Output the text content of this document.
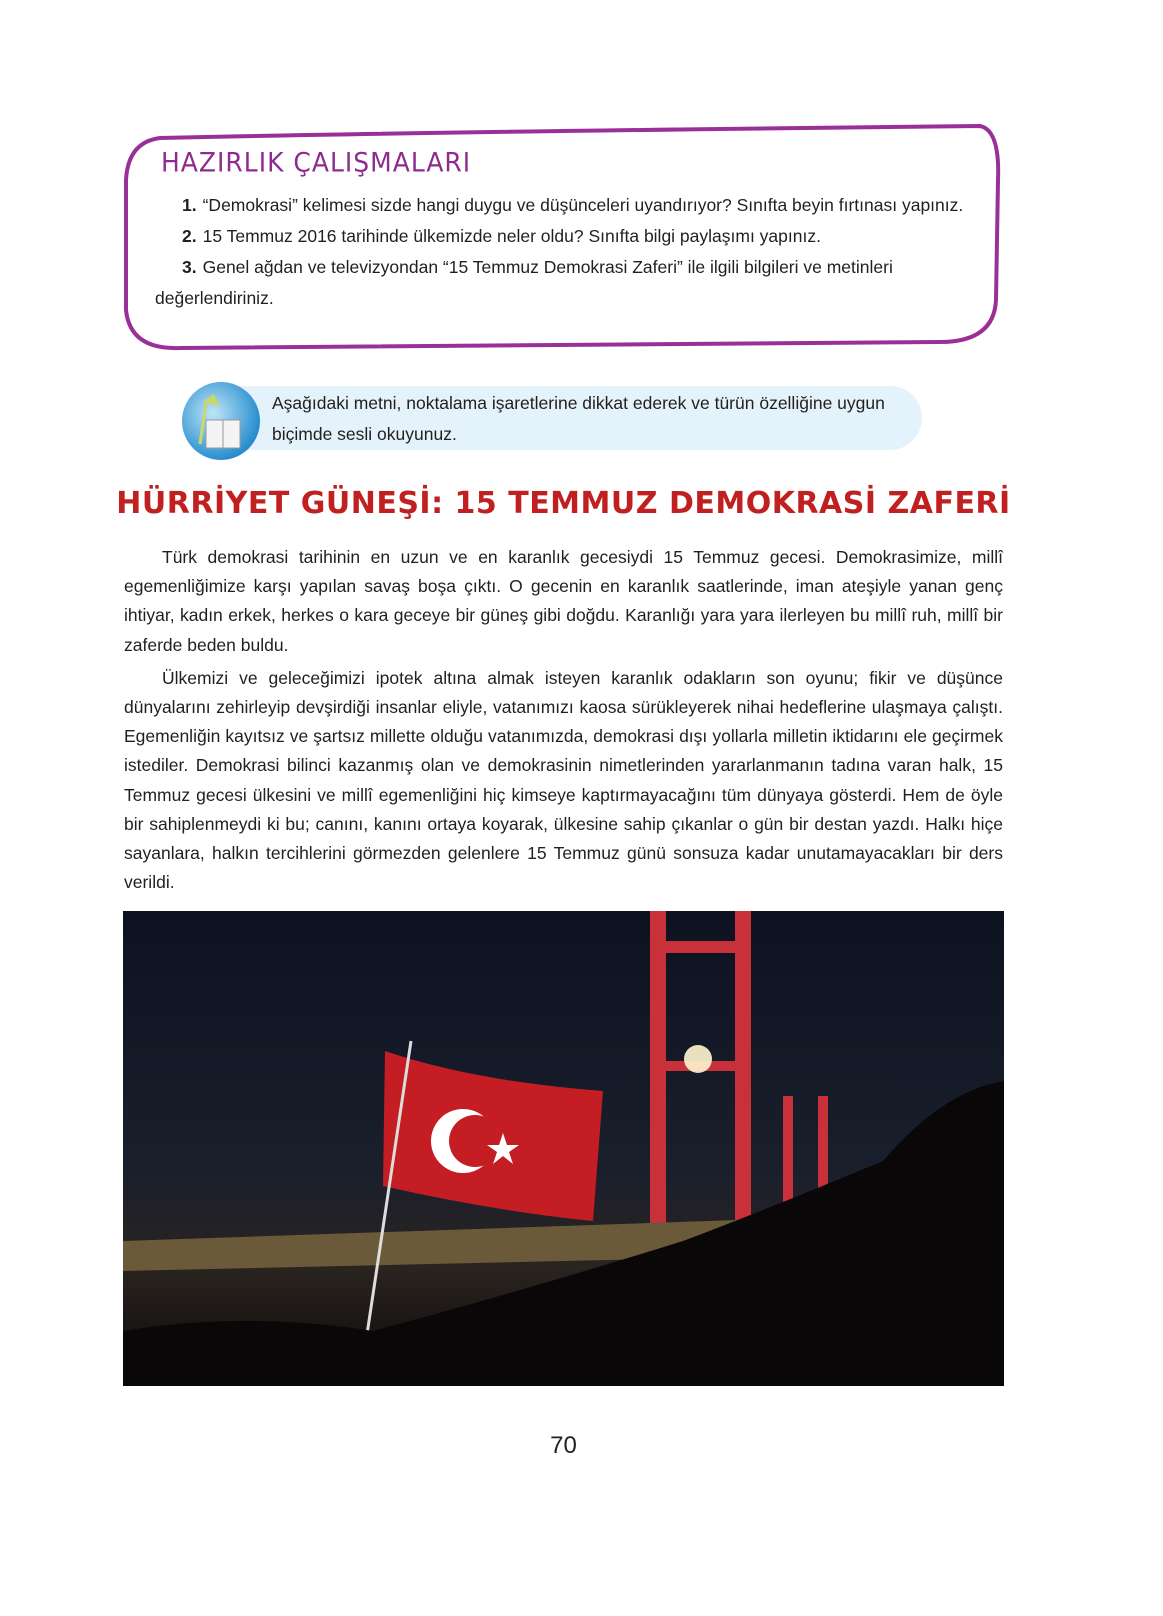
HAZIRLIK ÇALIŞMALARI

1. “Demokrasi” kelimesi sizde hangi duygu ve düşünceleri uyandırıyor? Sınıfta beyin fırtınası yapınız.

2. 15 Temmuz 2016 tarihinde ülkemizde neler oldu? Sınıfta bilgi paylaşımı yapınız.

3. Genel ağdan ve televizyondan “15 Temmuz Demokrasi Zaferi” ile ilgili bilgileri ve metinleri değerlendiriniz.

Aşağıdaki metni, noktalama işaretlerine dikkat ederek ve türün özelliğine uygun biçimde sesli okuyunuz.
HÜRRİYET GÜNEŞİ: 15 TEMMUZ DEMOKRASİ ZAFERİ

Türk demokrasi tarihinin en uzun ve en karanlık gecesiydi 15 Temmuz gecesi. Demokrasimize, millî egemenliğimize karşı yapılan savaş boşa çıktı. O gecenin en karanlık saatlerinde, iman ateşiyle yanan genç ihtiyar, kadın erkek, herkes o kara geceye bir güneş gibi doğdu. Karanlığı yara yara ilerleyen bu millî ruh, millî bir zaferde beden buldu.

Ülkemizi ve geleceğimizi ipotek altına almak isteyen karanlık odakların son oyunu; fikir ve düşünce dünyalarını zehirleyip devşirdiği insanlar eliyle, vatanımızı kaosa sürükleyerek nihai hedeflerine ulaşmaya çalıştı. Egemenliğin kayıtsız ve şartsız millette olduğu vatanımızda, demokrasi dışı yollarla milletin iktidarını ele geçirmek istediler. Demokrasi bilinci kazanmış olan ve demokrasinin nimetlerinden yararlanmanın tadına varan halk, 15 Temmuz gecesi ülkesini ve millî egemenliğini hiç kimseye kaptırmayacağını tüm dünyaya gösterdi. Hem de öyle bir sahiplenmeydi ki bu; canını, kanını ortaya koyarak, ülkesine sahip çıkanlar o gün bir destan yazdı. Halkı hiçe sayanlara, halkın tercihlerini görmezden gelenlere 15 Temmuz günü sonsuza kadar unutamayacakları bir ders verildi.

70
